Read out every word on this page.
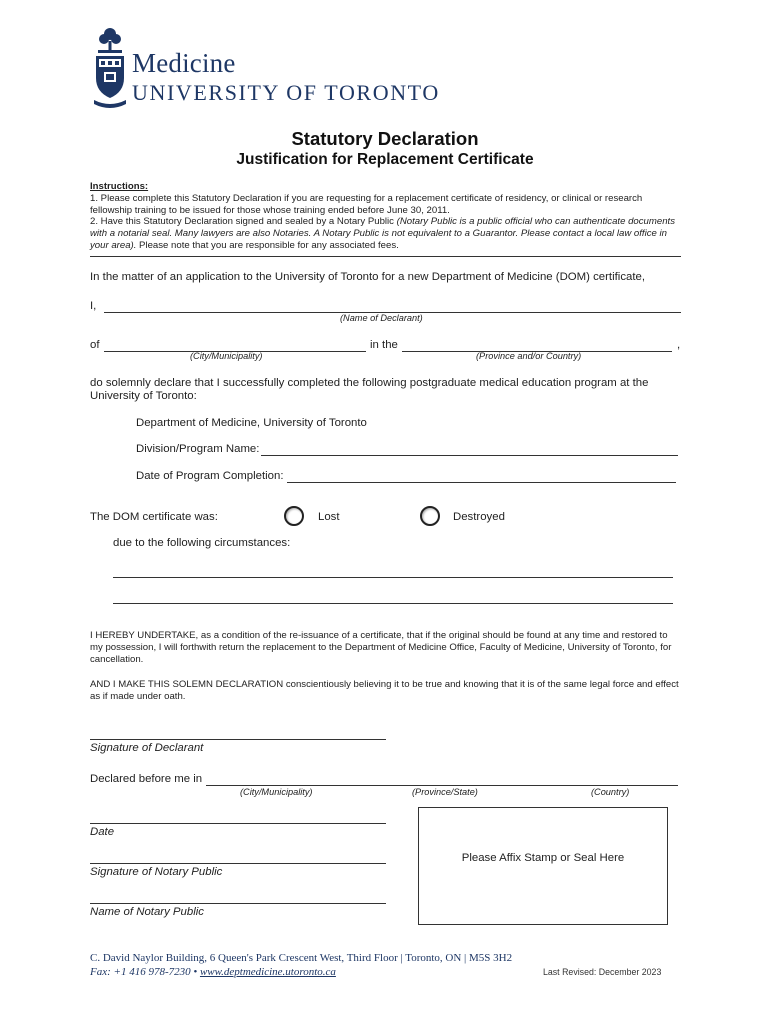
Medicine
UNIVERSITY OF TORONTO
Statutory Declaration
Justification for Replacement Certificate
Instructions:
1. Please complete this Statutory Declaration if you are requesting for a replacement certificate of residency, or clinical or research fellowship training to be issued for those whose training ended before June 30, 2011.
2. Have this Statutory Declaration signed and sealed by a Notary Public (Notary Public is a public official who can authenticate documents with a notarial seal. Many lawyers are also Notaries. A Notary Public is not equivalent to a Guarantor. Please contact a local law office in your area). Please note that you are responsible for any associated fees.
In the matter of an application to the University of Toronto for a new Department of Medicine (DOM) certificate,
I,
(Name of Declarant)
of	in the	,
(City/Municipality)	(Province and/or Country)
do solemnly declare that I successfully completed the following postgraduate medical education program at the University of Toronto:
Department of Medicine, University of Toronto
Division/Program Name:
Date of Program Completion:
The DOM certificate was:	Lost	Destroyed
due to the following circumstances:
I HEREBY UNDERTAKE, as a condition of the re-issuance of a certificate, that if the original should be found at any time and restored to my possession, I will forthwith return the replacement to the Department of Medicine Office, Faculty of Medicine, University of Toronto, for cancellation.
AND I MAKE THIS SOLEMN DECLARATION conscientiously believing it to be true and knowing that it is of the same legal force and effect as if made under oath.
Signature of Declarant
Declared before me in
(City/Municipality)	(Province/State)	(Country)
Date
Signature of Notary Public
Name of Notary Public
Please Affix Stamp or Seal Here
C. David Naylor Building, 6 Queen's Park Crescent West, Third Floor | Toronto, ON | M5S 3H2
Fax: +1 416 978-7230 • www.deptmedicine.utoronto.ca	Last Revised: December 2023
